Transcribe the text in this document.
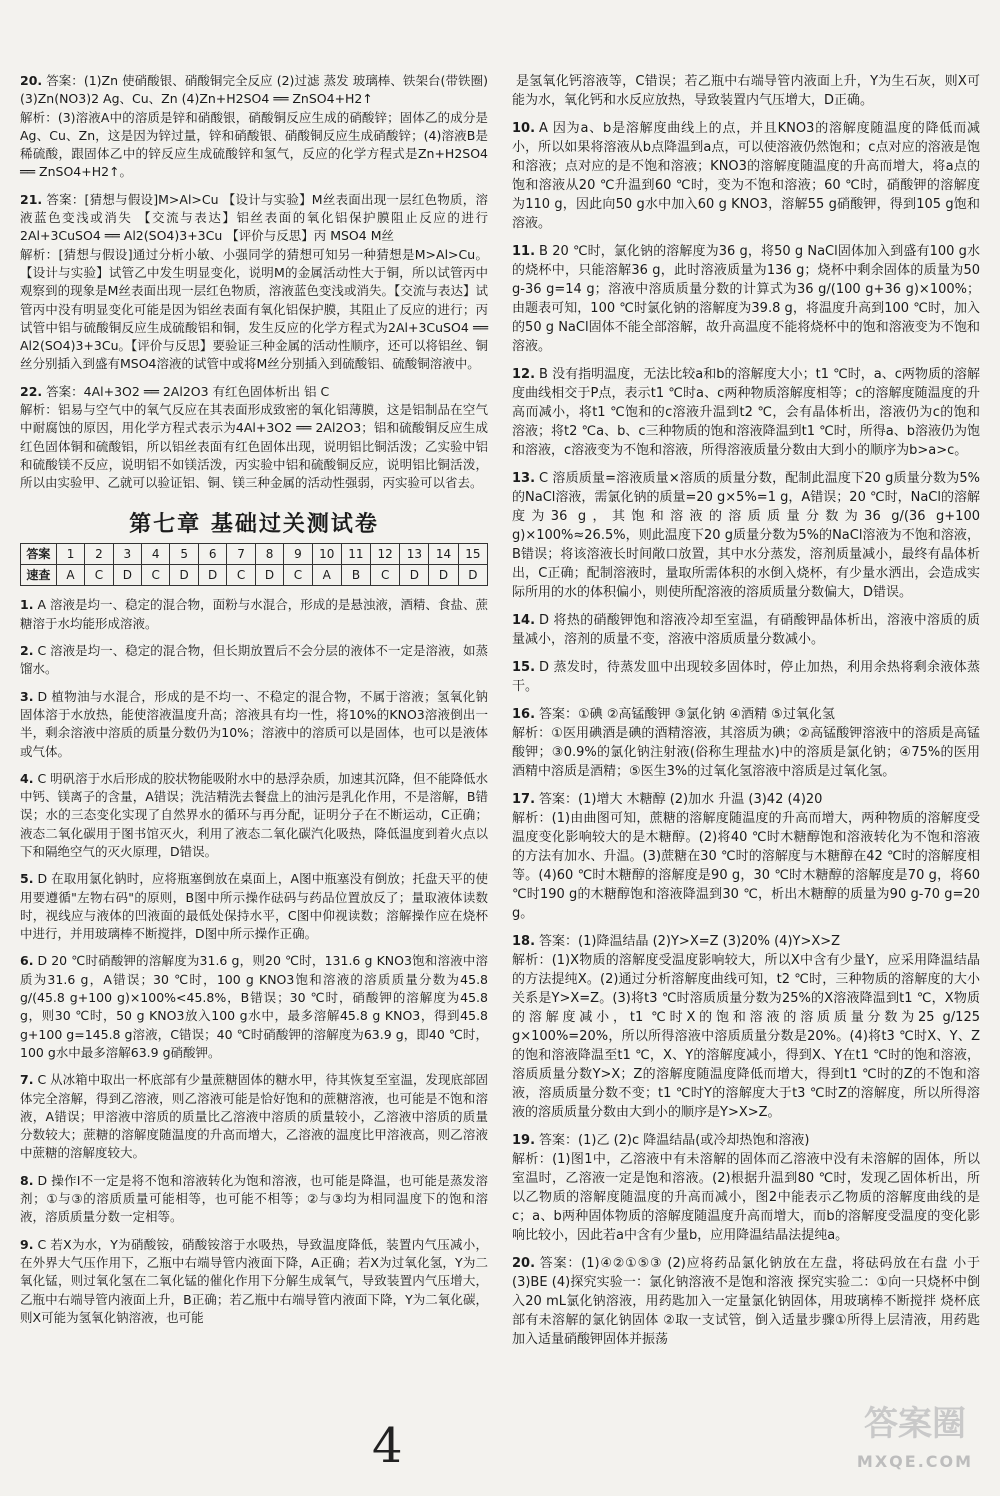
20. 答案：(1)Zn 使硝酸银、硝酸铜完全反应 (2)过滤 蒸发 玻璃棒、铁架台(带铁圈) (3)Zn(NO3)2 Ag、Cu、Zn (4)Zn+H2SO4 ══ ZnSO4+H2↑
解析：(3)溶液A中的溶质是锌和硝酸银，硝酸铜反应生成的硝酸锌；固体乙的成分是Ag、Cu、Zn，这是因为锌过量，锌和硝酸银、硝酸铜反应生成硝酸锌；(4)溶液B是稀硫酸，跟固体乙中的锌反应生成硫酸锌和氢气，反应的化学方程式是Zn+H2SO4 ══ ZnSO4+H2↑。
21. 答案：[猜想与假设]M>Al>Cu 【设计与实验】M丝表面出现一层红色物质，溶液蓝色变浅或消失 【交流与表达】铝丝表面的氧化铝保护膜阻止反应的进行 2Al+3CuSO4 ══ Al2(SO4)3+3Cu 【评价与反思】丙 MSO4 M丝
解析：[猜想与假设]通过分析小敏、小强同学的猜想可知另一种猜想是M>Al>Cu。【设计与实验】试管乙中发生明显变化，说明M的金属活动性大于铜，所以试管丙中观察到的现象是M丝表面出现一层红色物质，溶液蓝色变浅或消失。【交流与表达】试管丙中没有明显变化可能是因为铝丝表面有氧化铝保护膜，其阻止了反应的进行；丙试管中铝与硫酸铜反应生成硫酸铝和铜，发生反应的化学方程式为2Al+3CuSO4 ══ Al2(SO4)3+3Cu。【评价与反思】要验证三种金属的活动性顺序，还可以将铝丝、铜丝分别插入到盛有MSO4溶液的试管中或将M丝分别插入到硫酸铝、硫酸铜溶液中。
22. 答案：4Al+3O2 ══ 2Al2O3 有红色固体析出 铝 C
解析：铝易与空气中的氧气反应在其表面形成致密的氧化铝薄膜，这是铝制品在空气中耐腐蚀的原因，用化学方程式表示为4Al+3O2 ══ 2Al2O3；铝和硫酸铜反应生成红色固体铜和硫酸铝，所以铝丝表面有红色固体出现，说明铝比铜活泼；乙实验中铝和硫酸镁不反应，说明铝不如镁活泼，丙实验中铝和硫酸铜反应，说明铝比铜活泼，所以由实验甲、乙就可以验证铝、铜、镁三种金属的活动性强弱，丙实验可以省去。
第七章 基础过关测试卷
答案	1	2	3	4	5	6	7	8	9	10	11	12	13	14	15
速查	A	C	D	C	D	D	C	D	C	A	B	C	D	D	D
1. A 溶液是均一、稳定的混合物，面粉与水混合，形成的是悬浊液，酒精、食盐、蔗糖溶于水均能形成溶液。
2. C 溶液是均一、稳定的混合物，但长期放置后不会分层的液体不一定是溶液，如蒸馏水。
3. D 植物油与水混合，形成的是不均一、不稳定的混合物，不属于溶液；氢氧化钠固体溶于水放热，能使溶液温度升高；溶液具有均一性，将10%的KNO3溶液倒出一半，剩余溶液中溶质的质量分数仍为10%；溶液中的溶质可以是固体，也可以是液体或气体。
4. C 明矾溶于水后形成的胶状物能吸附水中的悬浮杂质，加速其沉降，但不能降低水中钙、镁离子的含量，A错误；洗洁精洗去餐盘上的油污是乳化作用，不是溶解，B错误；水的三态变化实现了自然界水的循环与再分配，证明分子在不断运动，C正确；液态二氧化碳用于图书馆灭火，利用了液态二氧化碳汽化吸热，降低温度到着火点以下和隔绝空气的灭火原理，D错误。
5. D 在取用氯化钠时，应将瓶塞倒放在桌面上，A图中瓶塞没有倒放；托盘天平的使用要遵循"左物右码"的原则，B图中所示操作砝码与药品位置放反了；量取液体读数时，视线应与液体的凹液面的最低处保持水平，C图中仰视读数；溶解操作应在烧杯中进行，并用玻璃棒不断搅拌，D图中所示操作正确。
6. D 20 ℃时硝酸钾的溶解度为31.6 g，则20 ℃时，131.6 g KNO3饱和溶液中溶质为31.6 g，A错误；30 ℃时，100 g KNO3饱和溶液的溶质质量分数为45.8 g/(45.8 g+100 g)×100%<45.8%，B错误；30 ℃时，硝酸钾的溶解度为45.8 g，则30 ℃时，50 g KNO3放入100 g水中，最多溶解45.8 g KNO3，得到45.8 g+100 g=145.8 g溶液，C错误；40 ℃时硝酸钾的溶解度为63.9 g，即40 ℃时，100 g水中最多溶解63.9 g硝酸钾。
7. C 从冰箱中取出一杯底部有少量蔗糖固体的糖水甲，待其恢复至室温，发现底部固体完全溶解，得到乙溶液，则乙溶液可能是恰好饱和的蔗糖溶液，也可能是不饱和溶液，A错误；甲溶液中溶质的质量比乙溶液中溶质的质量较小，乙溶液中溶质的质量分数较大；蔗糖的溶解度随温度的升高而增大，乙溶液的温度比甲溶液高，则乙溶液中蔗糖的溶解度较大。
8. D 操作Ⅰ不一定是将不饱和溶液转化为饱和溶液，也可能是降温，也可能是蒸发溶剂；①与③的溶质质量可能相等，也可能不相等；②与③均为相同温度下的饱和溶液，溶质质量分数一定相等。
9. C 若X为水，Y为硝酸铵，硝酸铵溶于水吸热，导致温度降低，装置内气压减小，在外界大气压作用下，乙瓶中右端导管内液面下降，A正确；若X为过氧化氢，Y为二氧化锰，则过氧化氢在二氧化锰的催化作用下分解生成氧气，导致装置内气压增大，乙瓶中右端导管内液面上升，B正确；若乙瓶中右端导管内液面下降，Y为二氧化碳，则X可能为氢氧化钠溶液，也可能
是氢氧化钙溶液等，C错误；若乙瓶中右端导管内液面上升，Y为生石灰，则X可能为水，氧化钙和水反应放热，导致装置内气压增大，D正确。
10. A 因为a、b是溶解度曲线上的点，并且KNO3的溶解度随温度的降低而减小，所以如果将溶液从b点降温到a点，可以使溶液仍然饱和；c点对应的溶液是饱和溶液；点对应的是不饱和溶液；KNO3的溶解度随温度的升高而增大，将a点的饱和溶液从20 ℃升温到60 ℃时，变为不饱和溶液；60 ℃时，硝酸钾的溶解度为110 g，因此向50 g水中加入60 g KNO3，溶解55 g硝酸钾，得到105 g饱和溶液。
11. B 20 ℃时，氯化钠的溶解度为36 g，将50 g NaCl固体加入到盛有100 g水的烧杯中，只能溶解36 g，此时溶液质量为136 g；烧杯中剩余固体的质量为50 g-36 g=14 g；溶液中溶质质量分数的计算式为36 g/(100 g+36 g)×100%；由题表可知，100 ℃时氯化钠的溶解度为39.8 g，将温度升高到100 ℃时，加入的50 g NaCl固体不能全部溶解，故升高温度不能将烧杯中的饱和溶液变为不饱和溶液。
12. B 没有指明温度，无法比较a和b的溶解度大小；t1 ℃时，a、c两物质的溶解度曲线相交于P点，表示t1 ℃时a、c两种物质溶解度相等；c的溶解度随温度的升高而减小，将t1 ℃饱和的c溶液升温到t2 ℃，会有晶体析出，溶液仍为c的饱和溶液；将t2 ℃a、b、c三种物质的饱和溶液降温到t1 ℃时，所得a、b溶液仍为饱和溶液，c溶液变为不饱和溶液，所得溶液质量分数由大到小的顺序为b>a>c。
13. C 溶质质量=溶液质量×溶质的质量分数，配制此温度下20 g质量分数为5%的NaCl溶液，需氯化钠的质量=20 g×5%=1 g，A错误；20 ℃时，NaCl的溶解度为36 g，其饱和溶液的溶质质量分数为36 g/(36 g+100 g)×100%≈26.5%，则此温度下20 g质量分数为5%的NaCl溶液为不饱和溶液，B错误；将该溶液长时间敞口放置，其中水分蒸发，溶剂质量减小，最终有晶体析出，C正确；配制溶液时，量取所需体积的水倒入烧杯，有少量水洒出，会造成实际所用的水的体积偏小，则使所配溶液的溶质质量分数偏大，D错误。
14. D 将热的硝酸钾饱和溶液冷却至室温，有硝酸钾晶体析出，溶液中溶质的质量减小，溶剂的质量不变，溶液中溶质质量分数减小。
15. D 蒸发时，待蒸发皿中出现较多固体时，停止加热，利用余热将剩余液体蒸干。
16. 答案：①碘 ②高锰酸钾 ③氯化钠 ④酒精 ⑤过氧化氢
解析：①医用碘酒是碘的酒精溶液，其溶质为碘；②高锰酸钾溶液中的溶质是高锰酸钾；③0.9%的氯化钠注射液(俗称生理盐水)中的溶质是氯化钠；④75%的医用酒精中溶质是酒精；⑤医生3%的过氧化氢溶液中溶质是过氧化氢。
17. 答案：(1)增大 木糖醇 (2)加水 升温 (3)42 (4)20
解析：(1)由曲图可知，蔗糖的溶解度随温度的升高而增大，两种物质的溶解度受温度变化影响较大的是木糖醇。(2)将40 ℃时木糖醇饱和溶液转化为不饱和溶液的方法有加水、升温。(3)蔗糖在30 ℃时的溶解度与木糖醇在42 ℃时的溶解度相等。(4)60 ℃时木糖醇的溶解度是90 g，30 ℃时木糖醇的溶解度是70 g，将60 ℃时190 g的木糖醇饱和溶液降温到30 ℃，析出木糖醇的质量为90 g-70 g=20 g。
18. 答案：(1)降温结晶 (2)Y>X=Z (3)20% (4)Y>X>Z
解析：(1)X物质的溶解度受温度影响较大，所以X中含有少量Y，应采用降温结晶的方法提纯X。(2)通过分析溶解度曲线可知，t2 ℃时，三种物质的溶解度的大小关系是Y>X=Z。(3)将t3 ℃时溶质质量分数为25%的X溶液降温到t1 ℃，X物质的溶解度减小，t1 ℃时X的饱和溶液的溶质质量分数为25 g/125 g×100%=20%，所以所得溶液中溶质质量分数是20%。(4)将t3 ℃时X、Y、Z的饱和溶液降温至t1 ℃，X、Y的溶解度减小，得到X、Y在t1 ℃时的饱和溶液，溶质质量分数Y>X；Z的溶解度随温度降低而增大，得到t1 ℃时的Z的不饱和溶液，溶质质量分数不变；t1 ℃时Y的溶解度大于t3 ℃时Z的溶解度，所以所得溶液的溶质质量分数由大到小的顺序是Y>X>Z。
19. 答案：(1)乙 (2)c 降温结晶(或冷却热饱和溶液)
解析：(1)图1中，乙溶液中有未溶解的固体而乙溶液中没有未溶解的固体，所以室温时，乙溶液一定是饱和溶液。(2)根据升温到80 ℃时，发现乙固体析出，所以乙物质的溶解度随温度的升高而减小，图2中能表示乙物质的溶解度曲线的是c；a、b两种固体物质的溶解度随温度升高而增大，而b的溶解度受温度的变化影响比较小，因此若a中含有少量b，应用降温结晶法提纯a。
20. 答案：(1)④②①⑤③ (2)应将药品氯化钠放在左盘，将砝码放在右盘 小于 (3)BE (4)探究实验一：氯化钠溶液不是饱和溶液 探究实验二：①向一只烧杯中倒入20 mL氯化钠溶液，用药匙加入一定量氯化钠固体，用玻璃棒不断搅拌 烧杯底部有未溶解的氯化钠固体 ②取一支试管，倒入适量步骤①所得上层清液，用药匙加入适量硝酸钾固体并振荡
4	答案圈
MXQE.COM
